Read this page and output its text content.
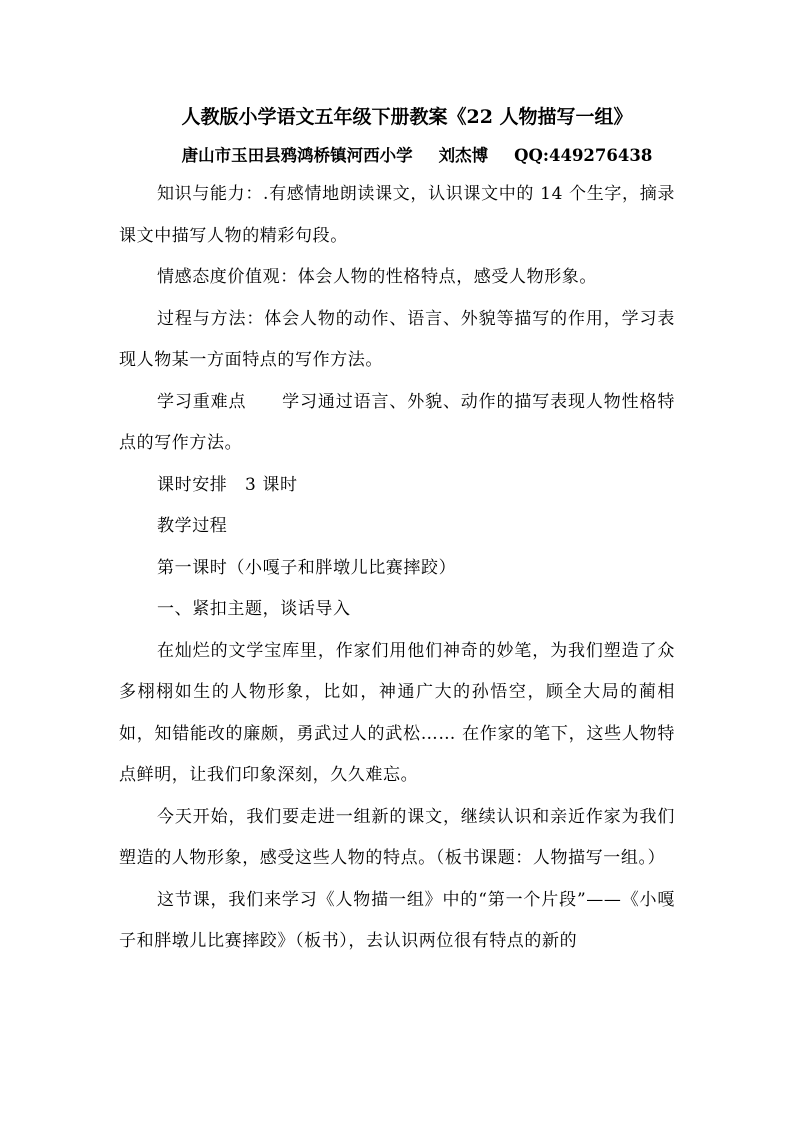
人教版小学语文五年级下册教案《22 人物描写一组》
唐山市玉田县鸦鸿桥镇河西小学 刘杰博 QQ:449276438

知识与能力：.有感情地朗读课文，认识课文中的 14 个生字，摘录课文中描写人物的精彩句段。

情感态度价值观：体会人物的性格特点，感受人物形象。

过程与方法：体会人物的动作、语言、外貌等描写的作用，学习表现人物某一方面特点的写作方法。

学习重难点　　学习通过语言、外貌、动作的描写表现人物性格特点的写作方法。

课时安排　3 课时

教学过程

第一课时（小嘎子和胖墩儿比赛摔跤）

一、紧扣主题，谈话导入

在灿烂的文学宝库里，作家们用他们神奇的妙笔，为我们塑造了众多栩栩如生的人物形象，比如，神通广大的孙悟空，顾全大局的蔺相如，知错能改的廉颇，勇武过人的武松…… 在作家的笔下，这些人物特点鲜明，让我们印象深刻，久久难忘。

今天开始，我们要走进一组新的课文，继续认识和亲近作家为我们塑造的人物形象，感受这些人物的特点。（板书课题：人物描写一组。）

这节课，我们来学习《人物描一组》中的“第一个片段”——《小嘎子和胖墩儿比赛摔跤》（板书），去认识两位很有特点的新的
